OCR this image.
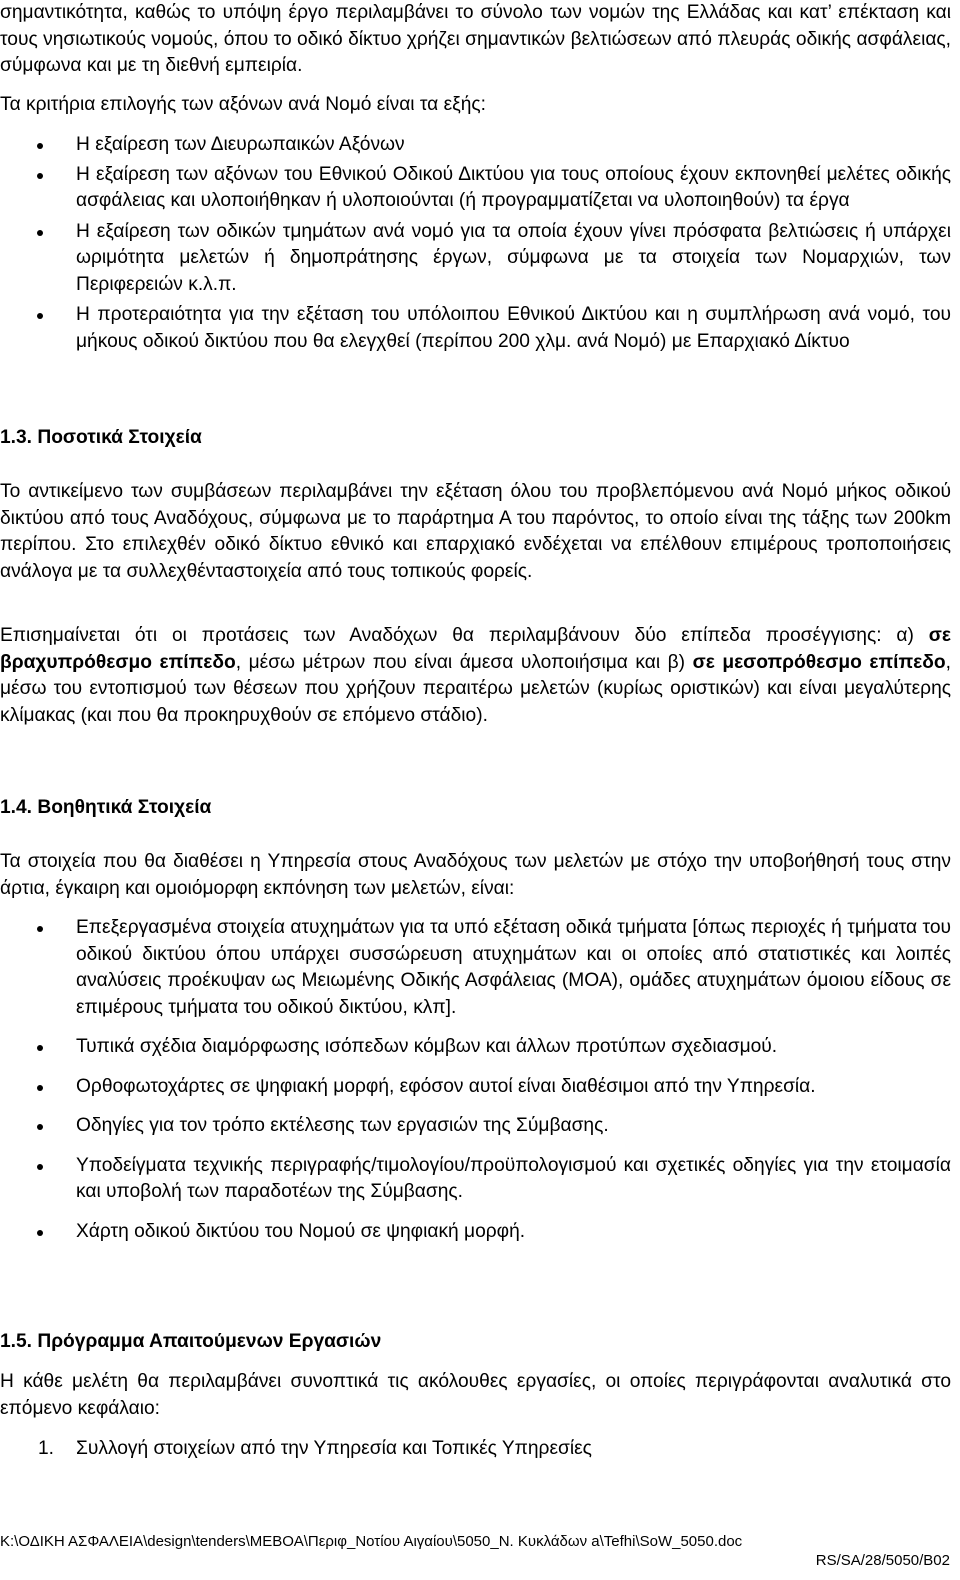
σημαντικότητα, καθώς το υπόψη έργο περιλαμβάνει το σύνολο των νομών της Ελλάδας και κατ’ επέκταση και τους νησιωτικούς νομούς, όπου το οδικό δίκτυο χρήζει σημαντικών βελτιώσεων από πλευράς οδικής ασφάλειας, σύμφωνα και με τη διεθνή εμπειρία.

Τα κριτήρια επιλογής των αξόνων ανά Νομό είναι τα εξής:

Η εξαίρεση των Διευρωπαικών Αξόνων
Η εξαίρεση των αξόνων του Εθνικού Οδικού Δικτύου για τους οποίους έχουν εκπονηθεί μελέτες οδικής ασφάλειας και υλοποιήθηκαν ή υλοποιούνται (ή προγραμματίζεται να υλοποιηθούν) τα έργα
Η εξαίρεση των οδικών τμημάτων ανά νομό για τα οποία έχουν γίνει πρόσφατα βελτιώσεις ή υπάρχει ωριμότητα μελετών ή δημοπράτησης έργων, σύμφωνα με τα στοιχεία των Νομαρχιών, των Περιφερειών κ.λ.π.
Η προτεραιότητα για την εξέταση του υπόλοιπου Εθνικού Δικτύου και η συμπλήρωση ανά νομό, του μήκους οδικού δικτύου που θα ελεγχθεί (περίπου 200 χλμ. ανά Νομό) με Επαρχιακό Δίκτυο
1.3. Ποσοτικά Στοιχεία

Το αντικείμενο των συμβάσεων περιλαμβάνει την εξέταση όλου του προβλεπόμενου ανά Νομό μήκος οδικού δικτύου από τους Αναδόχους, σύμφωνα με το παράρτημα Α του παρόντος, το οποίο είναι της τάξης των 200km περίπου. Στο επιλεχθέν οδικό δίκτυο εθνικό και επαρχιακό ενδέχεται να επέλθουν επιμέρους τροποποιήσεις ανάλογα με τα συλλεχθένταστοιχεία από τους τοπικούς φορείς.

Επισημαίνεται ότι οι προτάσεις των Αναδόχων θα περιλαμβάνουν δύο επίπεδα προσέγγισης: α) σε βραχυπρόθεσμο επίπεδο, μέσω μέτρων που είναι άμεσα υλοποιήσιμα και β) σε μεσοπρόθεσμο επίπεδο, μέσω του εντοπισμού των θέσεων που χρήζουν περαιτέρω μελετών (κυρίως οριστικών) και είναι μεγαλύτερης κλίμακας (και που θα προκηρυχθούν σε επόμενο στάδιο).

1.4. Βοηθητικά Στοιχεία

Τα στοιχεία που θα διαθέσει η Υπηρεσία στους Αναδόχους των μελετών με στόχο την υποβοήθησή τους στην άρτια, έγκαιρη και ομοιόμορφη εκπόνηση των μελετών, είναι:

Επεξεργασμένα στοιχεία ατυχημάτων για τα υπό εξέταση οδικά τμήματα [όπως περιοχές ή τμήματα του οδικού δικτύου όπου υπάρχει συσσώρευση ατυχημάτων και οι οποίες από στατιστικές και λοιπές αναλύσεις προέκυψαν ως Μειωμένης Οδικής Ασφάλειας (ΜΟΑ), ομάδες ατυχημάτων όμοιου είδους σε επιμέρους τμήματα του οδικού δικτύου, κλπ].
Τυπικά σχέδια διαμόρφωσης ισόπεδων κόμβων και άλλων προτύπων σχεδιασμού.
Ορθοφωτοχάρτες σε ψηφιακή μορφή, εφόσον αυτοί είναι διαθέσιμοι από την Υπηρεσία.
Οδηγίες για τον τρόπο εκτέλεσης των εργασιών της Σύμβασης.
Υποδείγματα τεχνικής περιγραφής/τιμολογίου/προϋπολογισμού και σχετικές οδηγίες για την ετοιμασία και υποβολή των παραδοτέων της Σύμβασης.
Χάρτη οδικού δικτύου του Νομού σε ψηφιακή μορφή.
1.5. Πρόγραμμα Απαιτούμενων Εργασιών

Η κάθε μελέτη θα περιλαμβάνει συνοπτικά τις ακόλουθες εργασίες, οι οποίες περιγράφονται αναλυτικά στο επόμενο κεφάλαιο:

1. Συλλογή στοιχείων από την Υπηρεσία και Τοπικές Υπηρεσίες
K:\ΟΔΙΚΗ ΑΣΦΑΛΕΙΑ\design\tenders\ΜΕΒΟΑ\Περιφ_Νοτίου Αιγαίου\5050_Ν. Κυκλάδων a\Tefhi\SoW_5050.doc
RS/SA/28/5050/B02
